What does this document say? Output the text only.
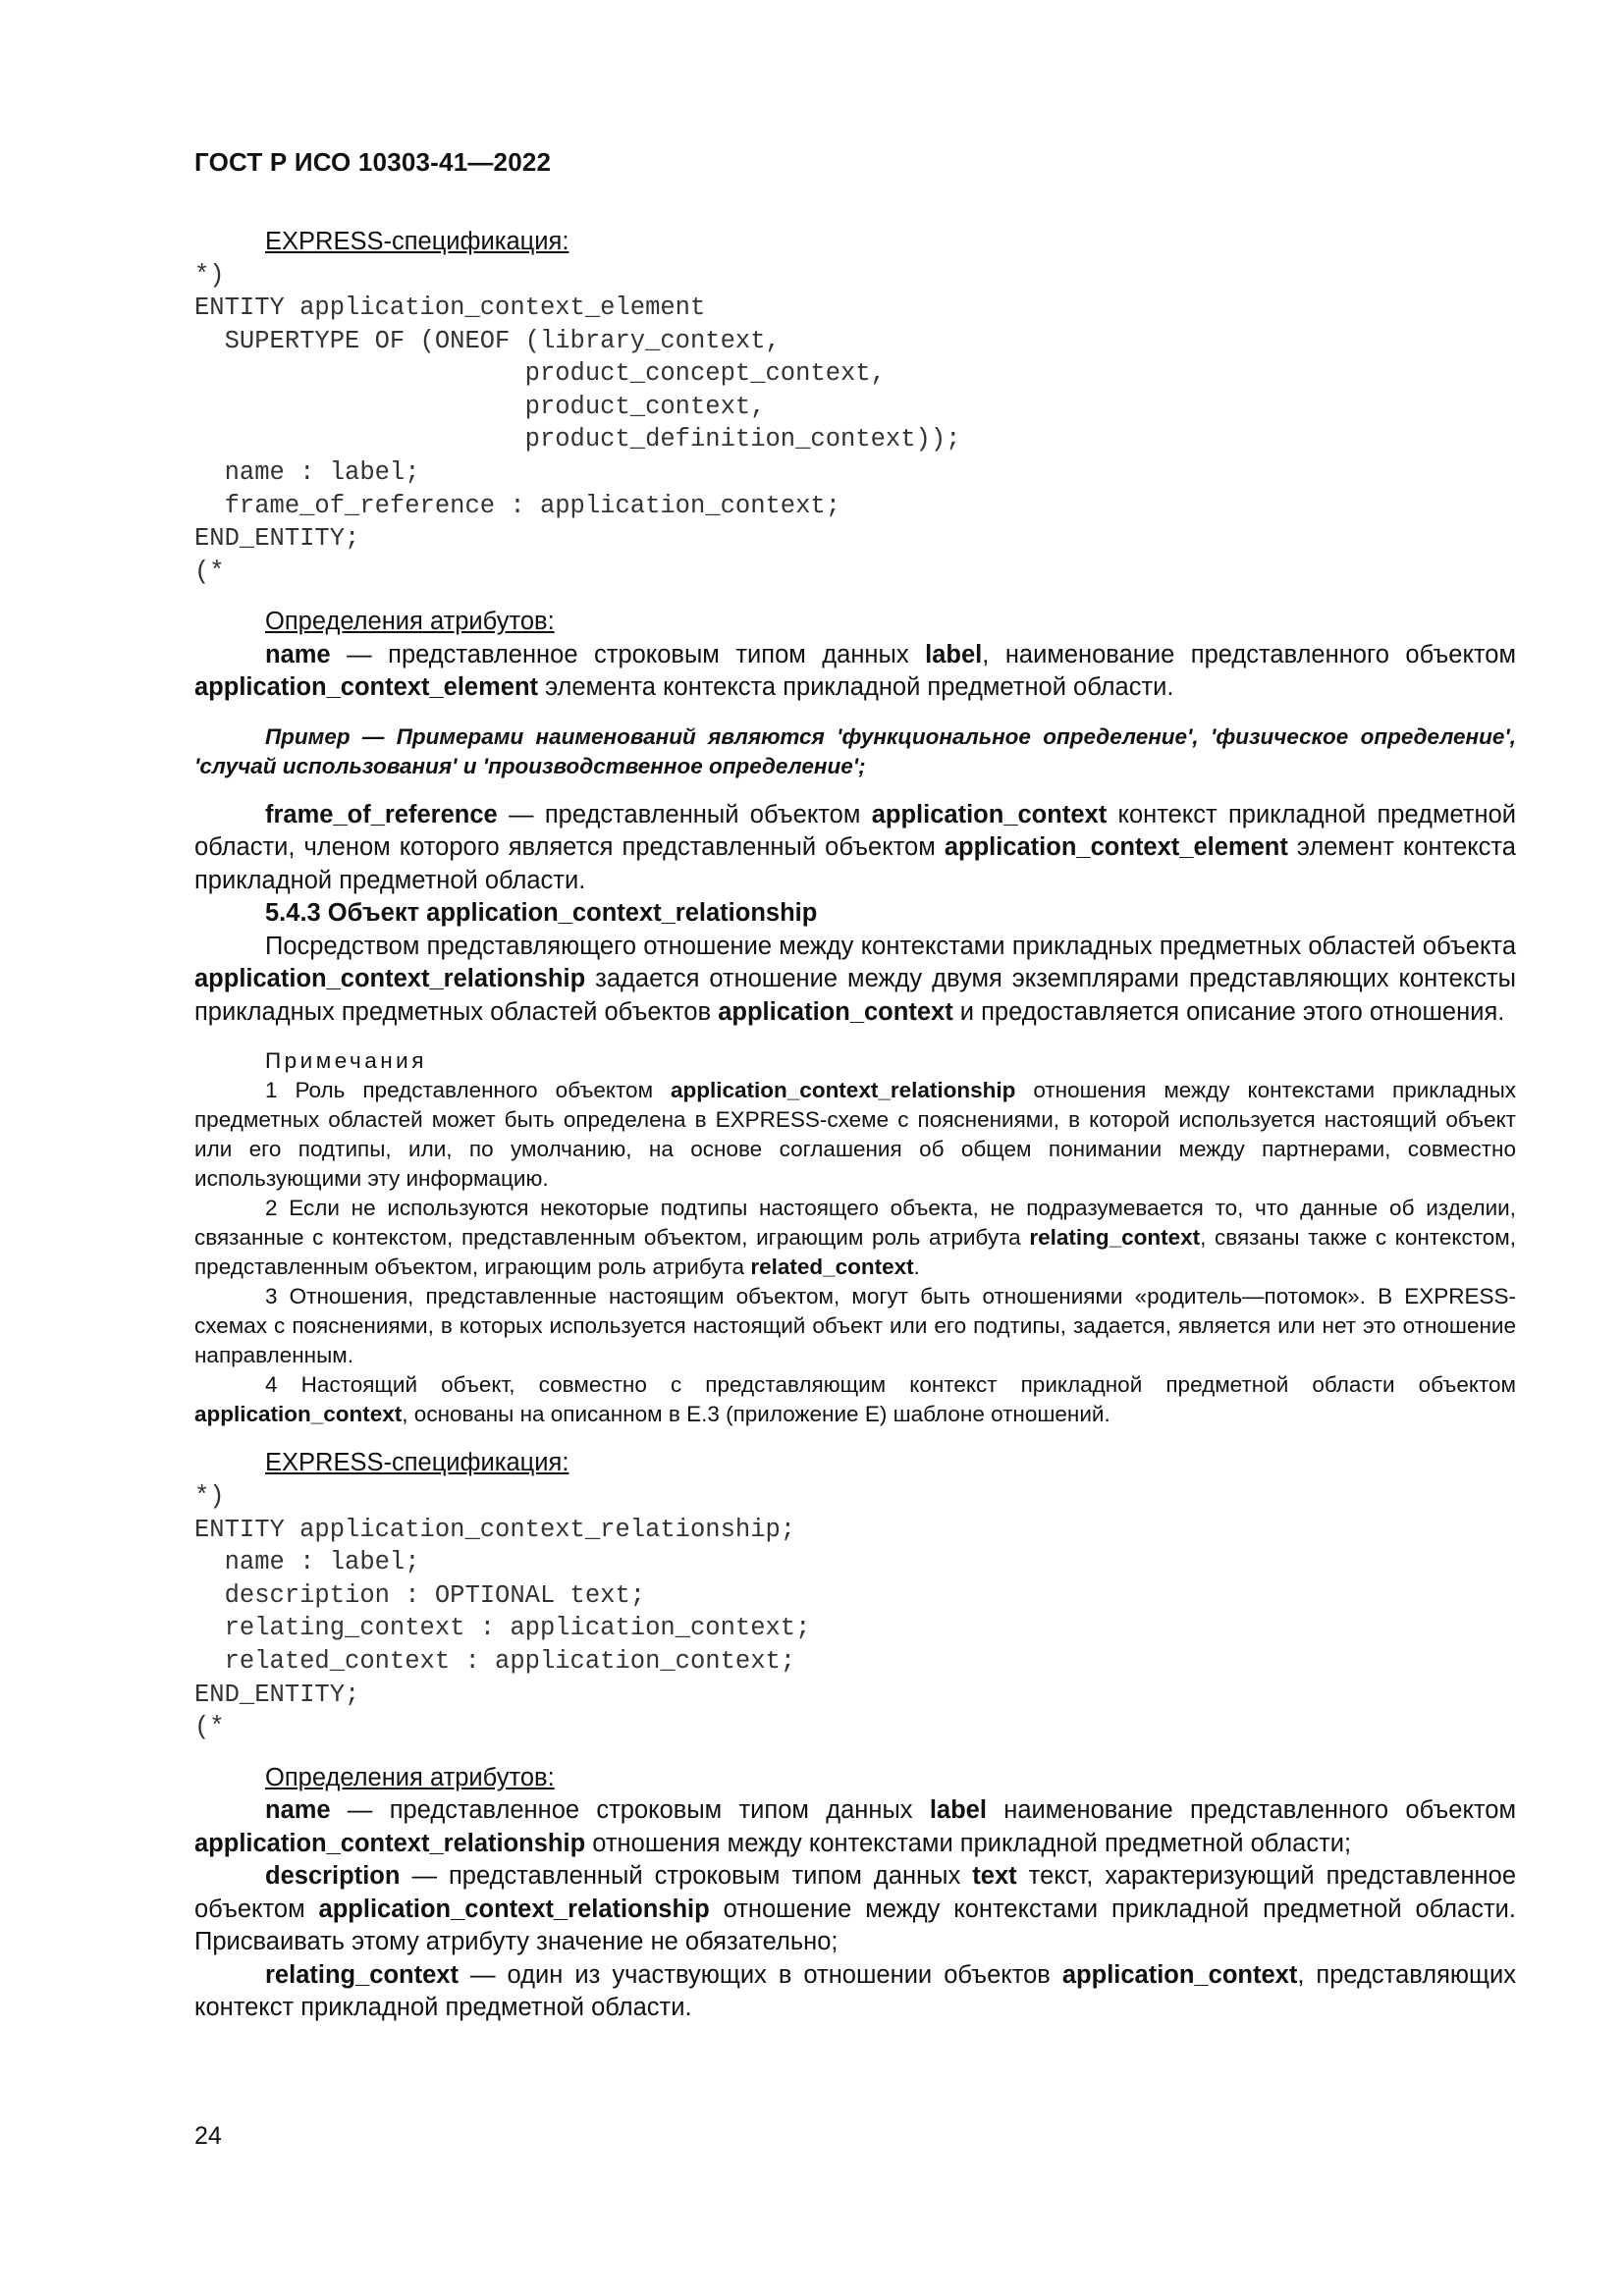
ГОСТ Р ИСО 10303-41—2022

EXPRESS-спецификация:

*)
ENTITY application_context_element
SUPERTYPE OF (ONEOF (library_context,
product_concept_context,
product_context,
product_definition_context));
name : label;
frame_of_reference : application_context;
END_ENTITY;
(*

Определения атрибутов:

name — представленное строковым типом данных label, наименование представленного объектом application_context_element элемента контекста прикладной предметной области.

Пример — Примерами наименований являются 'функциональное определение', 'физическое определение', 'случай использования' и 'производственное определение';

frame_of_reference — представленный объектом application_context контекст прикладной предметной области, членом которого является представленный объектом application_context_element элемент контекста прикладной предметной области.

5.4.3 Объект application_context_relationship

Посредством представляющего отношение между контекстами прикладных предметных областей объекта application_context_relationship задается отношение между двумя экземплярами представляющих контексты прикладных предметных областей объектов application_context и предоставляется описание этого отношения.

Примечания

1 Роль представленного объектом application_context_relationship отношения между контекстами прикладных предметных областей может быть определена в EXPRESS-схеме с пояснениями, в которой используется настоящий объект или его подтипы, или, по умолчанию, на основе соглашения об общем понимании между партнерами, совместно использующими эту информацию.

2 Если не используются некоторые подтипы настоящего объекта, не подразумевается то, что данные об изделии, связанные с контекстом, представленным объектом, играющим роль атрибута relating_context, связаны также с контекстом, представленным объектом, играющим роль атрибута related_context.

3 Отношения, представленные настоящим объектом, могут быть отношениями «родитель—потомок». В EXPRESS-схемах с пояснениями, в которых используется настоящий объект или его подтипы, задается, является или нет это отношение направленным.

4 Настоящий объект, совместно с представляющим контекст прикладной предметной области объектом application_context, основаны на описанном в E.3 (приложение E) шаблоне отношений.

EXPRESS-спецификация:

*)
ENTITY application_context_relationship;
name : label;
description : OPTIONAL text;
relating_context : application_context;
related_context : application_context;
END_ENTITY;
(*

Определения атрибутов:

name — представленное строковым типом данных label наименование представленного объектом application_context_relationship отношения между контекстами прикладной предметной области;

description — представленный строковым типом данных text текст, характеризующий представленное объектом application_context_relationship отношение между контекстами прикладной предметной области. Присваивать этому атрибуту значение не обязательно;

relating_context — один из участвующих в отношении объектов application_context, представляющих контекст прикладной предметной области.

24
